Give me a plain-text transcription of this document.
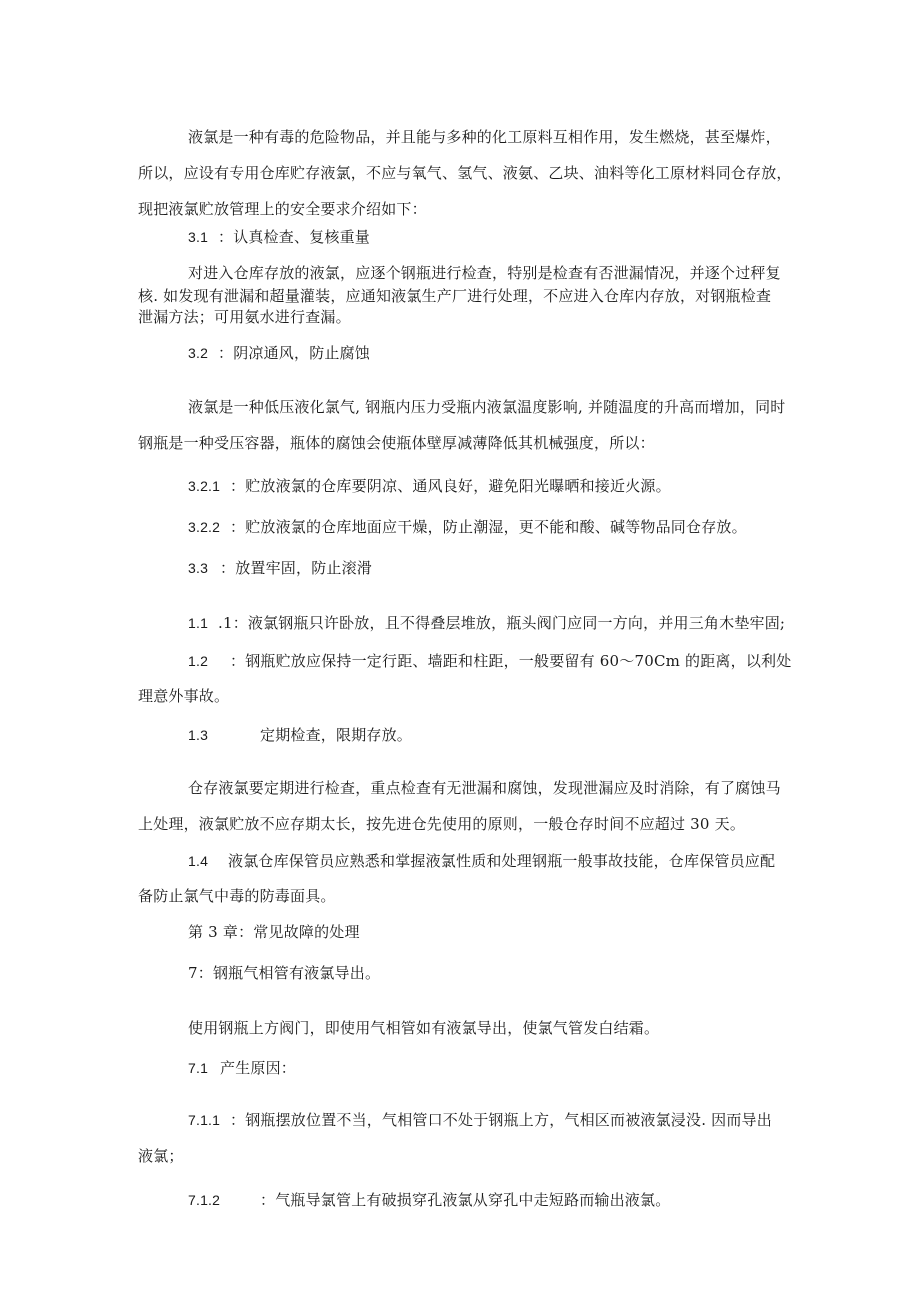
液氯是一种有毒的危险物品，并且能与多种的化工原料互相作用，发生燃烧，甚至爆炸，
所以，应设有专用仓库贮存液氯，不应与氧气、氢气、液氨、乙块、油料等化工原材料同仓存放，
现把液氯贮放管理上的安全要求介绍如下：
3.1 ：认真检查、复核重量
对进入仓库存放的液氯，应逐个钢瓶进行检查，特别是检查有否泄漏情况，并逐个过秤复
核. 如发现有泄漏和超量灌装，应通知液氯生产厂进行处理，不应进入仓库内存放，对钢瓶检查
泄漏方法；可用氨水进行查漏。
3.2 ：阴凉通风，防止腐蚀
液氯是一种低压液化氯气, 钢瓶内压力受瓶内液氯温度影响, 并随温度的升高而增加，同时
钢瓶是一种受压容器，瓶体的腐蚀会使瓶体壁厚减薄降低其机械强度，所以：
3.2.1 ：贮放液氯的仓库要阴凉、通风良好，避免阳光曝晒和接近火源。
3.2.2 ：贮放液氯的仓库地面应干燥，防止潮湿，更不能和酸、碱等物品同仓存放。
3.3 ：放置牢固，防止滚滑
1.1 .1：液氯钢瓶只许卧放，且不得叠层堆放，瓶头阀门应同一方向，并用三角木垫牢固;
1.2 ：钢瓶贮放应保持一定行距、墙距和柱距，一般要留有 60～70Cm 的距离，以利处
理意外事故。
1.3	定期检查，限期存放。
仓存液氯要定期进行检查，重点检查有无泄漏和腐蚀，发现泄漏应及时消除，有了腐蚀马
上处理，液氯贮放不应存期太长，按先进仓先使用的原则，一般仓存时间不应超过 30 天。
1.4 液氯仓库保管员应熟悉和掌握液氯性质和处理钢瓶一般事故技能，仓库保管员应配
备防止氯气中毒的防毒面具。
第 3 章：常见故障的处理
7：钢瓶气相管有液氯导出。
使用钢瓶上方阀门，即使用气相管如有液氯导出，使氯气管发白结霜。
7.1 产生原因：
7.1.1 ：钢瓶摆放位置不当，气相管口不处于钢瓶上方，气相区而被液氯浸没. 因而导出
液氯；
7.1.2	：气瓶导氯管上有破损穿孔液氯从穿孔中走短路而输出液氯。
